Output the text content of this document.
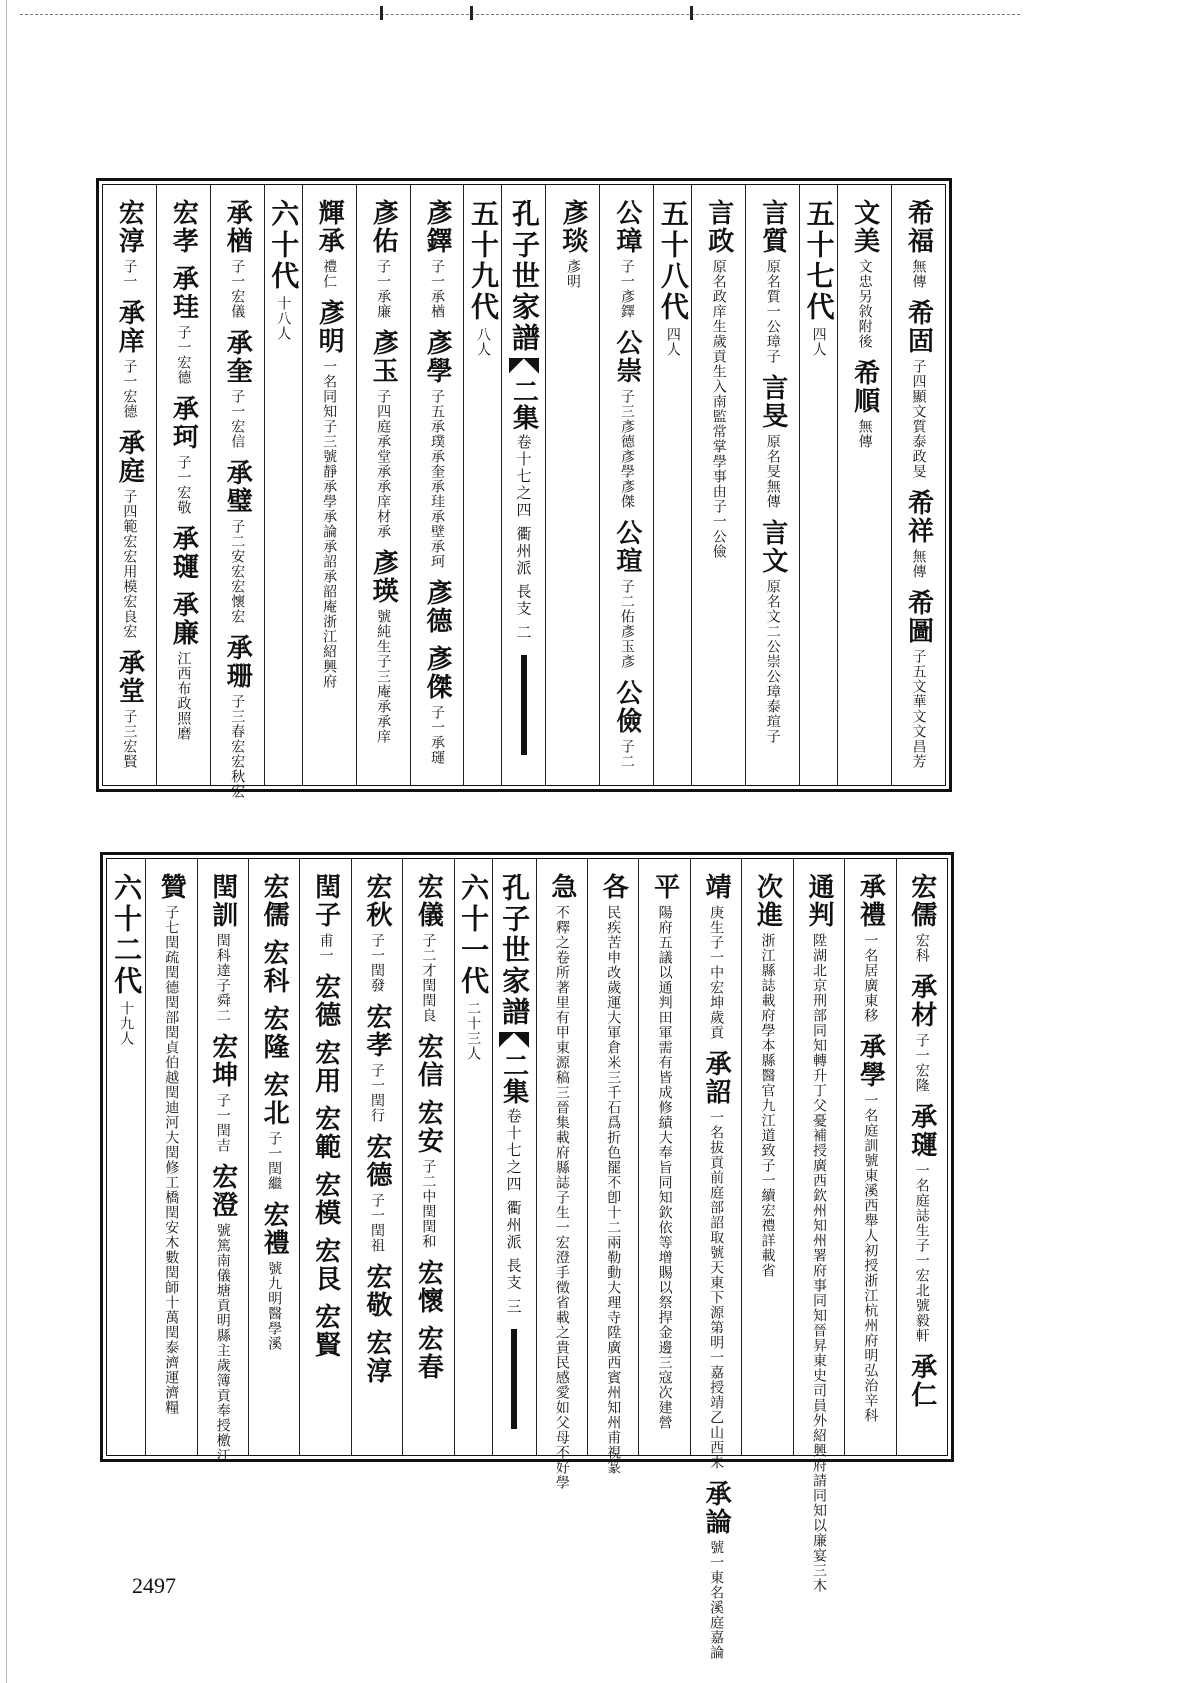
希福
無傳
希固
子四顯文質泰政旻
希祥
無傳
希圖
子五文華文文昌芳
文美
文忠另敘附後
希順
無傳
五十七代
四人
言質
原名質一公璋子
言旻
原名旻無傳
言文
原名文二公崇公璋泰瑄子
言政
原名政庠生歲貢生入南監常掌學事由子一公儉
五十八代
四人
公璋
子一彥鐸
公崇
子三彥德彥學彥傑
公瑄
子二佑彥玉彥
公儉
子二
彥琰
彥明
孔子世家譜
二集
卷十七之四 衢州派 長支 二
五十九代
八人
彥鐸
子一承楢
彥學
子五承璞承奎承珪承壁承珂
彥德
彥傑
子一承璭
彥佑
子一承廉
彥玉
子四庭承堂承承庠材承
彥瑛
號純生子三庵承承庠
輝承
禮仁
彥明
一名同知子三號靜承學承論承詔承韶庵浙江紹興府
六十代
十八人
承楢
子一宏儀
承奎
子一宏信
承璧
子二安宏宏懷宏
承珊
子三春宏宏秋宏
宏孝
承珪
子一宏德
承珂
子一宏敬
承璭
承廉
江西布政照磨
宏淳
子一
承庠
子一宏德
承庭
子四範宏宏用模宏良宏
承堂
子三宏賢
宏儒
宏科
承材
子一宏隆
承璭
一名庭誌生子一宏北號毅軒
承仁
承禮
一名居廣東移
承學
一名庭訓號東溪西舉人初授浙江杭州府明弘治辛科
通判
陞湖北京刑部同知轉升丁父憂補授廣西欽州知州署府事同知晉昇東史司員外紹興府請同知以廉宴三木
次進
浙江縣誌載府學本縣醫官九江道致子一續宏禮詳載省
靖
庚生子一中宏坤歲貢
承詔
一名拔貢前庭部詔取號天東下源第明一嘉授靖乙山西未
承論
號一東名溪庭嘉論
平
陽府五議以通判田軍需有皆成修績大奉旨同知欽依等增賜以祭捍金邊三寇次建營
各
民疾苦申改歲運大軍倉米三千石爲折色罷不卽十二兩勒動大理寺陞廣西賓州知州甫視篆
急
不釋之卷所著里有甲東源稿三晉集載府縣誌子生一宏澄手徵省載之貴民感愛如父母不好學
孔子世家譜
二集
卷十七之四 衢州派 長支 三
六十一代
二十三人
宏儀
子二才閏閏良
宏信
宏安
子二中閏閏和
宏懷
宏春
宏秋
子一閏發
宏孝
子一閏行
宏德
子一閏祖
宏敬
宏淳
閏子
甫一
宏德
宏用
宏範
宏模
宏艮
宏賢
宏儒
宏科
宏隆
宏北
子一閏繼
宏禮
號九明醫學溪
閏訓
閏科達子舜二
宏坤
子一閏吉
宏澄
號篤南儀塘貢明縣主歲簿貢奉授檄江
贊
子七閏疏閏德閏部閏貞伯越閏迪河大閏修工橋閏安木數閏師十萬閏泰濟運濟糧
六十二代
十九人
2497
